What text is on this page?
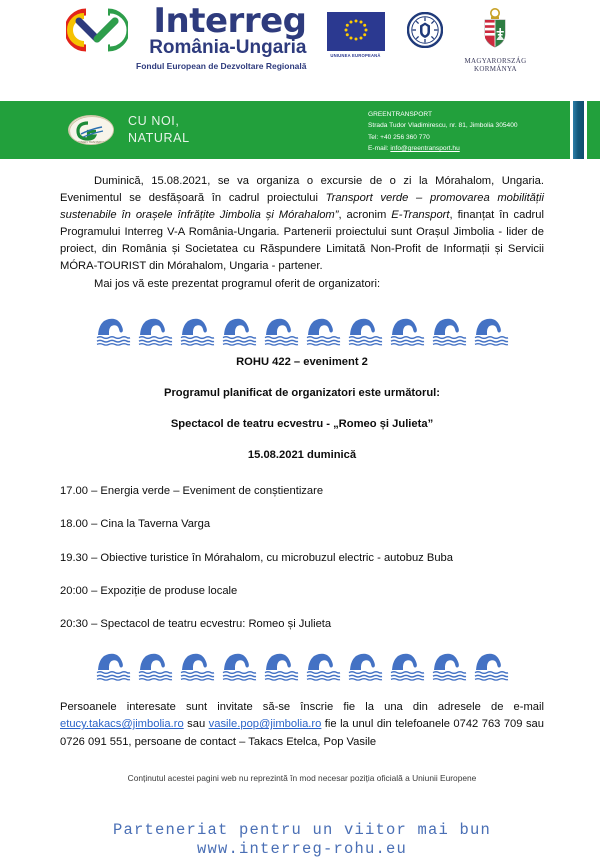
Interreg
România-Ungaria
Fondul European de Dezvoltare Regională
UNIUNEA EUROPEANĂ
MAGYARORSZÁG
KORMÁNYA
GREEN TRANSPORT
CU NOI,
NATURAL
GREENTRANSPORT
Strada Tudor Vladimirescu, nr. 81, Jimbolia 305400
Tel: +40 256 360 770
E-mail: info@greentransport.hu

Duminică, 15.08.2021, se va organiza o excursie de o zi la Mórahalom, Ungaria. Evenimentul se desfășoară în cadrul proiectului Transport verde – promovarea mobilității sustenabile în orașele înfrățite Jimbolia și Mórahalom”, acronim E-Transport, finanțat în cadrul Programului Interreg V-A România-Ungaria. Partenerii proiectului sunt Orașul Jimbolia - lider de proiect, din România și Societatea cu Răspundere Limitată Non-Profit de Informații și Servicii MÓRA-TOURIST din Mórahalom, Ungaria - partener.

Mai jos vă este prezentat programul oferit de organizatori:

ROHU 422 – eveniment 2
Programul planificat de organizatori este următorul:
Spectacol de teatru ecvestru - „Romeo și Julieta”
15.08.2021 duminică
17.00 – Energia verde – Eveniment de conștientizare
18.00 – Cina la Taverna Varga
19.30 – Obiective turistice în Mórahalom, cu microbuzul electric - autobuz Buba
20:00 – Expoziție de produse locale
20:30 – Spectacol de teatru ecvestru: Romeo și Julieta

Persoanele interesate sunt invitate să-se înscrie fie la una din adresele de e-mail etucy.takacs@jimbolia.ro sau vasile.pop@jimbolia.ro fie la unul din telefoanele 0742 763 709 sau 0726 091 551, persoane de contact – Takacs Etelca, Pop Vasile

Conținutul acestei pagini web nu reprezintă în mod necesar poziția oficială a Uniunii Europene
Parteneriat pentru un viitor mai bun
www.interreg-rohu.eu
